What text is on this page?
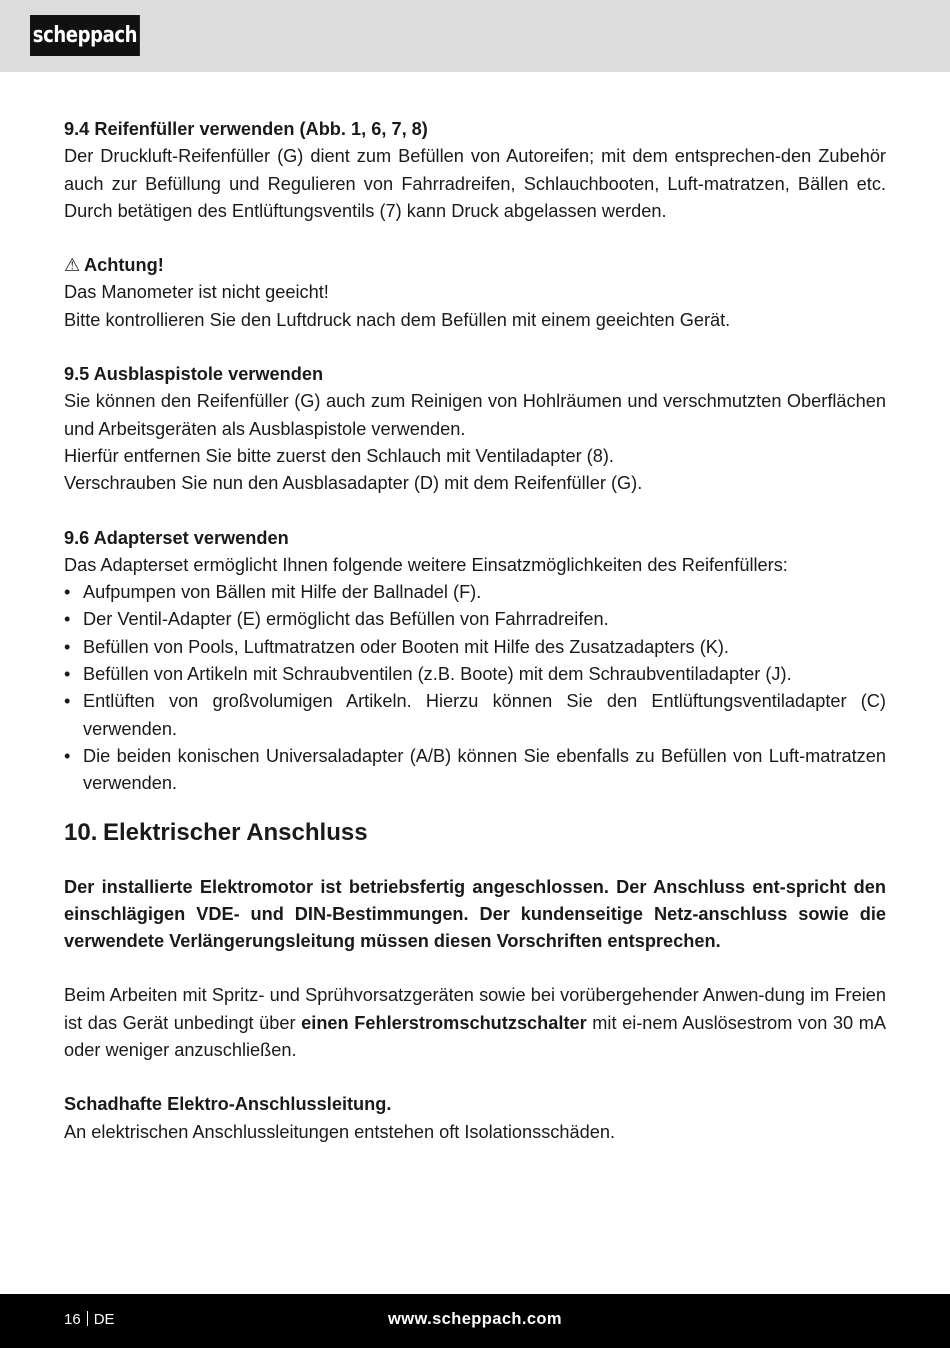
scheppach

9.4 Reifenfüller verwenden (Abb. 1, 6, 7, 8)

Der Druckluft-Reifenfüller (G) dient zum Befüllen von Autoreifen; mit dem entsprechen-den Zubehör auch zur Befüllung und Regulieren von Fahrradreifen, Schlauchbooten, Luft-matratzen, Bällen etc. Durch betätigen des Entlüftungsventils (7) kann Druck abgelassen werden.

⚠ Achtung!

Das Manometer ist nicht geeicht!

Bitte kontrollieren Sie den Luftdruck nach dem Befüllen mit einem geeichten Gerät.

9.5 Ausblaspistole verwenden

Sie können den Reifenfüller (G) auch zum Reinigen von Hohlräumen und verschmutzten Oberflächen und Arbeitsgeräten als Ausblaspistole verwenden.

Hierfür entfernen Sie bitte zuerst den Schlauch mit Ventiladapter (8).

Verschrauben Sie nun den Ausblasadapter (D) mit dem Reifenfüller (G).

9.6 Adapterset verwenden

Das Adapterset ermöglicht Ihnen folgende weitere Einsatzmöglichkeiten des Reifenfüllers:

• Aufpumpen von Bällen mit Hilfe der Ballnadel (F).
• Der Ventil-Adapter (E) ermöglicht das Befüllen von Fahrradreifen.
• Befüllen von Pools, Luftmatratzen oder Booten mit Hilfe des Zusatzadapters (K).
• Befüllen von Artikeln mit Schraubventilen (z.B. Boote) mit dem Schraubventiladapter (J).
• Entlüften von großvolumigen Artikeln. Hierzu können Sie den Entlüftungsventiladapter (C) verwenden.
• Die beiden konischen Universaladapter (A/B) können Sie ebenfalls zu Befüllen von Luft-matratzen verwenden.
10. Elektrischer Anschluss

Der installierte Elektromotor ist betriebsfertig angeschlossen. Der Anschluss ent-spricht den einschlägigen VDE- und DIN-Bestimmungen. Der kundenseitige Netz-anschluss sowie die verwendete Verlängerungsleitung müssen diesen Vorschriften entsprechen.

Beim Arbeiten mit Spritz- und Sprühvorsatzgeräten sowie bei vorübergehender Anwen-dung im Freien ist das Gerät unbedingt über einen Fehlerstromschutzschalter mit ei-nem Auslösestrom von 30 mA oder weniger anzuschließen.

Schadhafte Elektro-Anschlussleitung.

An elektrischen Anschlussleitungen entstehen oft Isolationsschäden.

16 DE	www.scheppach.com
